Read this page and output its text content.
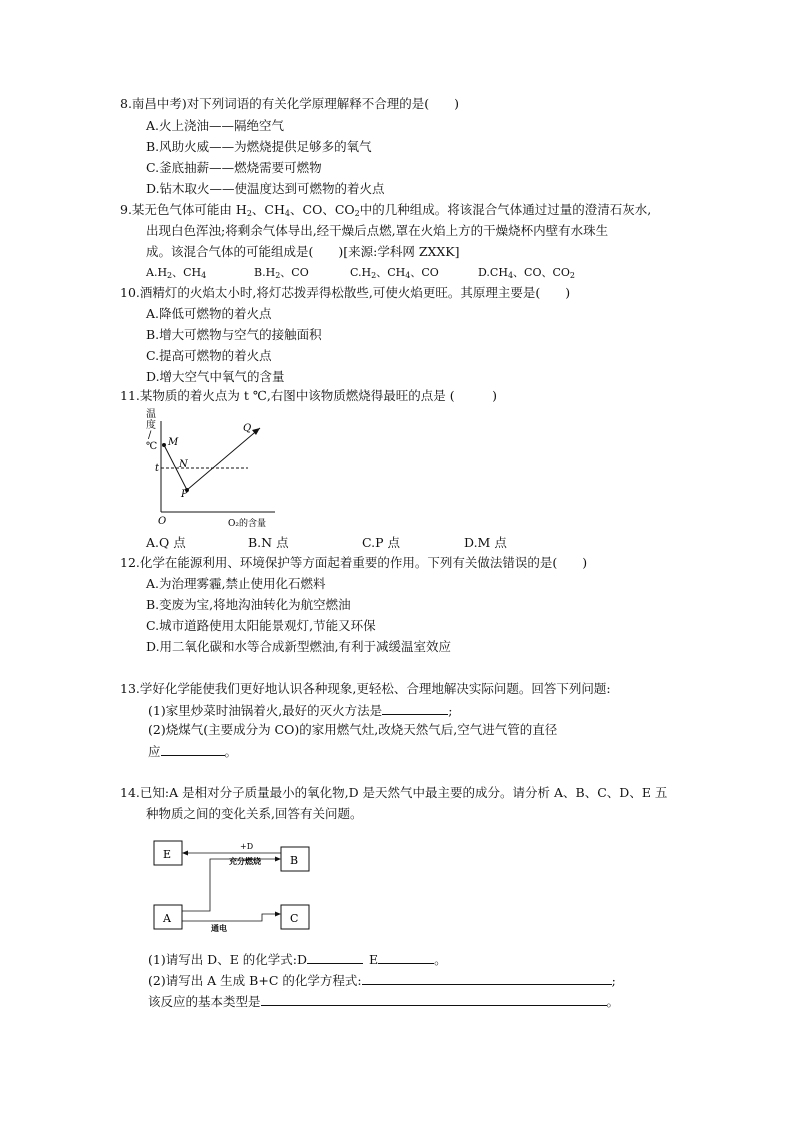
8.南昌中考)对下列词语的有关化学原理解释不合理的是(　　)
A.火上浇油——隔绝空气
B.风助火威——为燃烧提供足够多的氧气
C.釜底抽薪——燃烧需要可燃物
D.钻木取火——使温度达到可燃物的着火点
9.某无色气体可能由 $H_2$、$CH_4$、CO、$CO_2$中的几种组成。将该混合气体通过过量的澄清石灰水,
出现白色浑浊;将剩余气体导出,经干燥后点燃,罩在火焰上方的干燥烧杯内壁有水珠生
成。该混合气体的可能组成是(　　)[来源:学科网 ZXXK]
$A.H_2$、$CH_4$	$B.H_2$、CO	$C.H_2$、$CH_4$、CO	$D.CH_4$、CO、$CO_2$
10.酒精灯的火焰太小时,将灯芯拨弄得松散些,可使火焰更旺。其原理主要是(　　)
A.降低可燃物的着火点
B.增大可燃物与空气的接触面积
C.提高可燃物的着火点
D.增大空气中氧气的含量
11.某物质的着火点为 t ℃,右图中该物质燃烧得最旺的点是 (　　　)
温
度
/
℃
t
M
N
P
Q
O	O₂的含量
A.Q 点	B.N 点	C.P 点	D.M 点
12.化学在能源利用、环境保护等方面起着重要的作用。下列有关做法错误的是(　　)
A.为治理雾霾,禁止使用化石燃料
B.变废为宝,将地沟油转化为航空燃油
C.城市道路使用太阳能景观灯,节能又环保
D.用二氧化碳和水等合成新型燃油,有利于减缓温室效应
13.学好化学能使我们更好地认识各种现象,更轻松、合理地解决实际问题。回答下列问题:
(1)家里炒菜时油锅着火,最好的灭火方法是	;
(2)烧煤气(主要成分为 CO)的家用燃气灶,改烧天然气后,空气进气管的直径
应	。
14.已知:A 是相对分子质量最小的氧化物,D 是天然气中最主要的成分。请分析 A、B、C、D、E 五
种物质之间的变化关系,回答有关问题。
E	B
A	C
+D
充分燃烧
通电
(1)请写出 D、E 的化学式:D	E	。
(2)请写出 A 生成 B+C 的化学方程式:	;
该反应的基本类型是	。
